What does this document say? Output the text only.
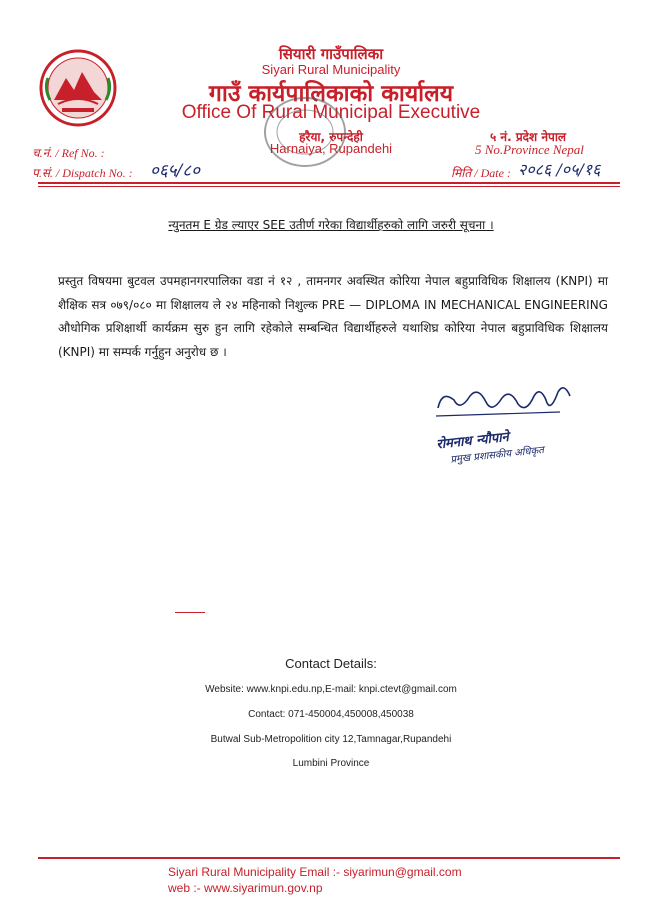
सियारी गाउँपालिका
Siyari Rural Municipality
गाउँ कार्यपालिकाको कार्यालय
Office Of Rural Municipal Executive
हरैया, रुपन्देही
Harnaiya, Rupandehi
५ नं. प्रदेश नेपाल
5 No.Province Nepal
च.नं. / Ref No. :
प.सं. / Dispatch No. : ०६५/८०	मिति / Date : २०८६ /०५/१६
न्युनतम E ग्रेड ल्याएर SEE उतीर्ण गरेका विद्यार्थीहरुको लागि जरुरी सूचना ।
प्रस्तुत विषयमा बुटवल उपमहानगरपालिका वडा नं १२ , तामनगर अवस्थित कोरिया नेपाल बहुप्राविधिक शिक्षालय (KNPI) मा शैक्षिक सत्र ०७९/०८० मा शिक्षालय ले २४ महिनाको निशुल्क PRE — DIPLOMA IN MECHANICAL ENGINEERING औधोगिक प्रशिक्षार्थी कार्यक्रम सुरु हुन लागि रहेकोले सम्बन्धित विद्यार्थीहरुले यथाशिघ्र कोरिया नेपाल बहुप्राविधिक शिक्षालय (KNPI) मा सम्पर्क गर्नुहुन अनुरोध छ ।
रोमनाथ न्यौपाने
प्रमुख प्रशासकीय अधिकृत
Contact Details:
Website: www.knpi.edu.np,E-mail: knpi.ctevt@gmail.com
Contact: 071-450004,450008,450038
Butwal Sub-Metropolition city 12,Tamnagar,Rupandehi
Lumbini Province
Siyari Rural Municipality Email :- siyarimun@gmail.com
web :- www.siyarimun.gov.np
